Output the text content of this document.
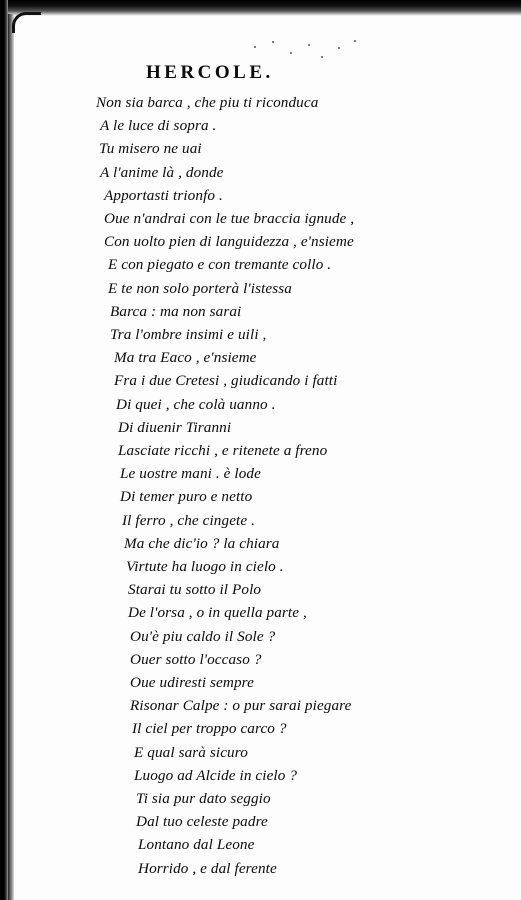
HERCOLE.
Non sia barca , che piu ti riconduca
A le luce di sopra .
Tu misero ne uai
A l'anime là , donde
Apportasti trionfo .
Oue n'andrai con le tue braccia ignude ,
Con uolto pien di languidezza , e'nsieme
E con piegato e con tremante collo .
E te non solo porterà l'istessa
Barca : ma non sarai
Tra l'ombre insimi e uili ,
Ma tra Eaco , e'nsieme
Fra i due Cretesi , giudicando i fatti
Di quei , che colà uanno .
Di diuenir Tiranni
Lasciate ricchi , e ritenete a freno
Le uostre mani . è lode
Di temer puro e netto
Il ferro , che cingete .
Ma che dic'io ? la chiara
Virtute ha luogo in cielo .
Starai tu sotto il Polo
De l'orsa , o in quella parte ,
Ou'è piu caldo il Sole ?
Ouer sotto l'occaso ?
Oue udiresti sempre
Risonar Calpe : o pur sarai piegare
Il ciel per troppo carco ?
E qual sarà sicuro
Luogo ad Alcide in cielo ?
Ti sia pur dato seggio
Dal tuo celeste padre
Lontano dal Leone
Horrido , e dal ferente
